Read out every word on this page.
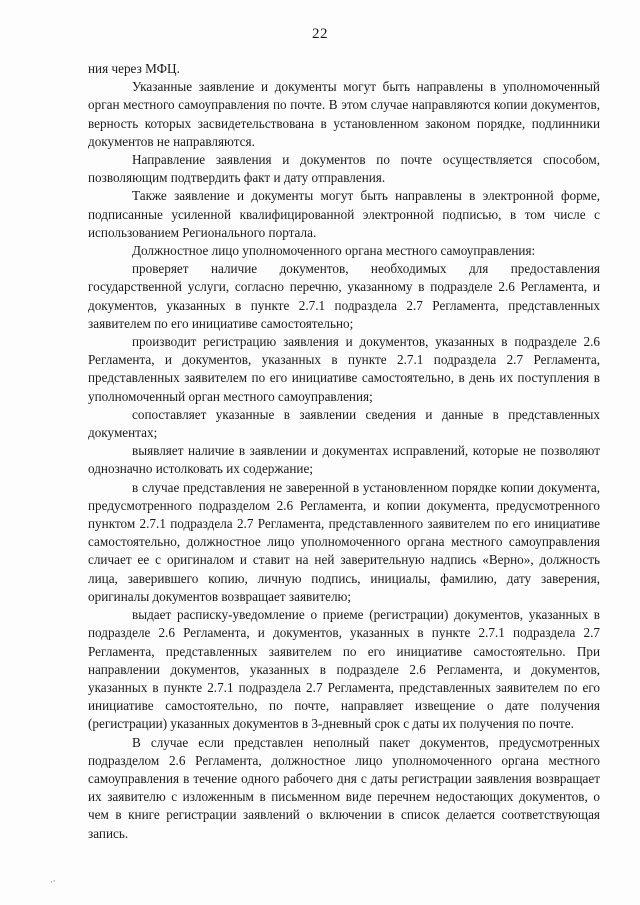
22

ния через МФЦ.

Указанные заявление и документы могут быть направлены в уполномоченный орган местного самоуправления по почте. В этом случае направляются копии документов, верность которых засвидетельствована в установленном законом порядке, подлинники документов не направляются.

Направление заявления и документов по почте осуществляется способом, позволяющим подтвердить факт и дату отправления.

Также заявление и документы могут быть направлены в электронной форме, подписанные усиленной квалифицированной электронной подписью, в том числе с использованием Регионального портала.

Должностное лицо уполномоченного органа местного самоуправления:

проверяет наличие документов, необходимых для предоставления государственной услуги, согласно перечню, указанному в подразделе 2.6 Регламента, и документов, указанных в пункте 2.7.1 подраздела 2.7 Регламента, представленных заявителем по его инициативе самостоятельно;

производит регистрацию заявления и документов, указанных в подразделе 2.6 Регламента, и документов, указанных в пункте 2.7.1 подраздела 2.7 Регламента, представленных заявителем по его инициативе самостоятельно, в день их поступления в уполномоченный орган местного самоуправления;

сопоставляет указанные в заявлении сведения и данные в представленных документах;

выявляет наличие в заявлении и документах исправлений, которые не позволяют однозначно истолковать их содержание;

в случае представления не заверенной в установленном порядке копии документа, предусмотренного подразделом 2.6 Регламента, и копии документа, предусмотренного пунктом 2.7.1 подраздела 2.7 Регламента, представленного заявителем по его инициативе самостоятельно, должностное лицо уполномоченного органа местного самоуправления сличает ее с оригиналом и ставит на ней заверительную надпись «Верно», должность лица, заверившего копию, личную подпись, инициалы, фамилию, дату заверения, оригиналы документов возвращает заявителю;

выдает расписку-уведомление о приеме (регистрации) документов, указанных в подразделе 2.6 Регламента, и документов, указанных в пункте 2.7.1 подраздела 2.7 Регламента, представленных заявителем по его инициативе самостоятельно. При направлении документов, указанных в подразделе 2.6 Регламента, и документов, указанных в пункте 2.7.1 подраздела 2.7 Регламента, представленных заявителем по его инициативе самостоятельно, по почте, направляет извещение о дате получения (регистрации) указанных документов в 3-дневный срок с даты их получения по почте.

В случае если представлен неполный пакет документов, предусмотренных подразделом 2.6 Регламента, должностное лицо уполномоченного органа местного самоуправления в течение одного рабочего дня с даты регистрации заявления возвращает их заявителю с изложенным в письменном виде перечнем недостающих документов, о чем в книге регистрации заявлений о включении в список делается соответствующая запись.

·ˑ
